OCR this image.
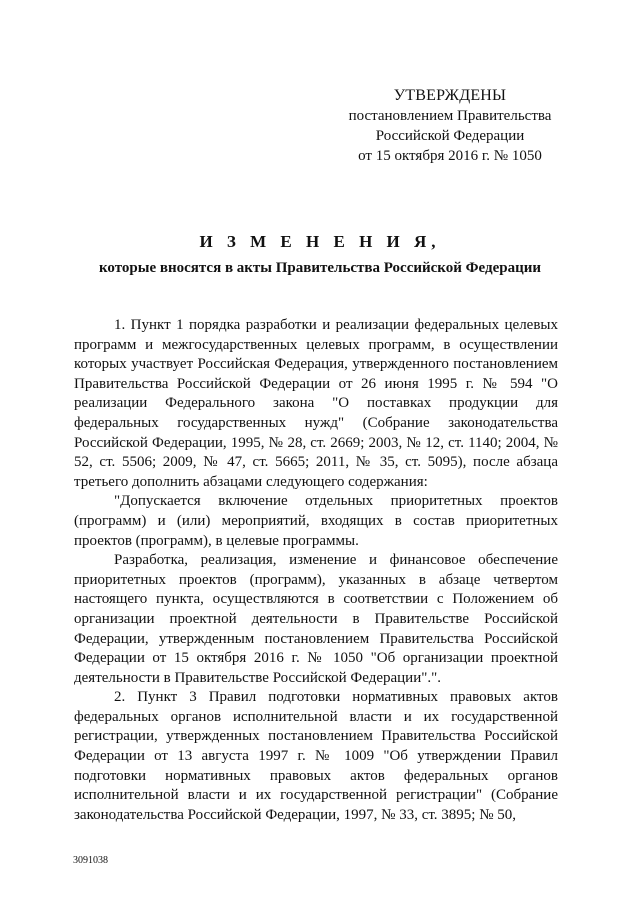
УТВЕРЖДЕНЫ
постановлением Правительства
Российской Федерации
от 15 октября 2016 г. № 1050
И З М Е Н Е Н И Я,
которые вносятся в акты Правительства Российской Федерации

1. Пункт 1 порядка разработки и реализации федеральных целевых программ и межгосударственных целевых программ, в осуществлении которых участвует Российская Федерация, утвержденного постановлением Правительства Российской Федерации от 26 июня 1995 г. № 594 "О реализации Федерального закона "О поставках продукции для федеральных государственных нужд" (Собрание законодательства Российской Федерации, 1995, № 28, ст. 2669; 2003, № 12, ст. 1140; 2004, № 52, ст. 5506; 2009, № 47, ст. 5665; 2011, № 35, ст. 5095), после абзаца третьего дополнить абзацами следующего содержания:

"Допускается включение отдельных приоритетных проектов (программ) и (или) мероприятий, входящих в состав приоритетных проектов (программ), в целевые программы.

Разработка, реализация, изменение и финансовое обеспечение приоритетных проектов (программ), указанных в абзаце четвертом настоящего пункта, осуществляются в соответствии с Положением об организации проектной деятельности в Правительстве Российской Федерации, утвержденным постановлением Правительства Российской Федерации от 15 октября 2016 г. № 1050 "Об организации проектной деятельности в Правительстве Российской Федерации".".

2. Пункт 3 Правил подготовки нормативных правовых актов федеральных органов исполнительной власти и их государственной регистрации, утвержденных постановлением Правительства Российской Федерации от 13 августа 1997 г. № 1009 "Об утверждении Правил подготовки нормативных правовых актов федеральных органов исполнительной власти и их государственной регистрации" (Собрание законодательства Российской Федерации, 1997, № 33, ст. 3895; № 50,

3091038
